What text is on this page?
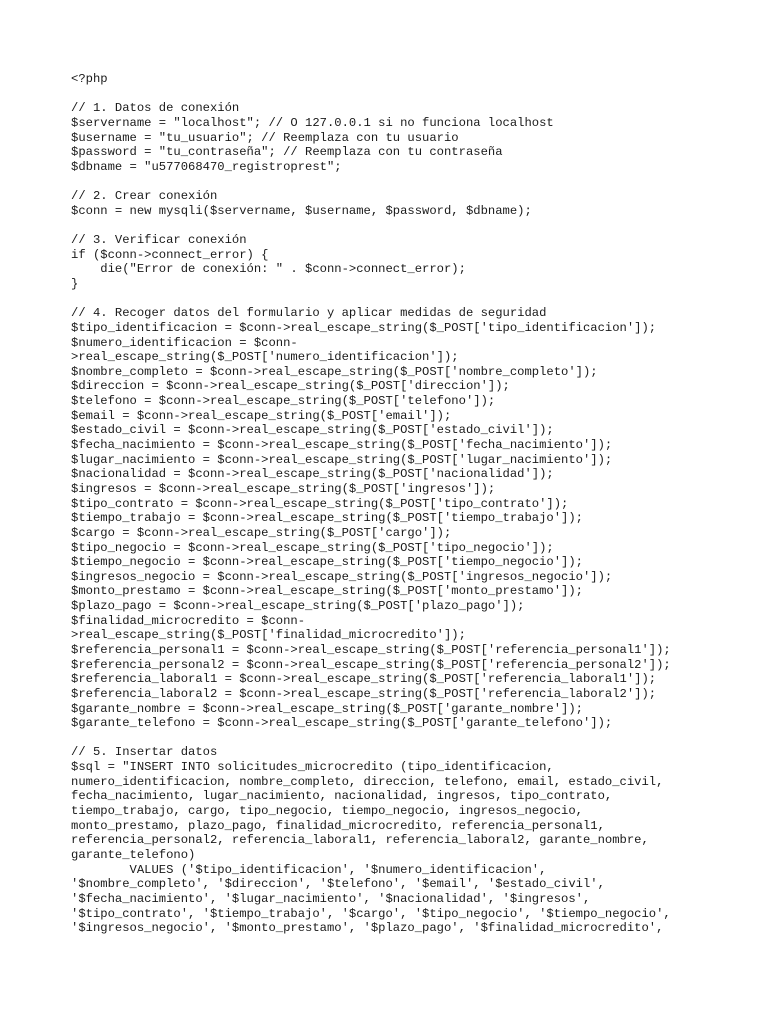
<?php
// 1. Datos de conexión
$servername = "localhost"; // O 127.0.0.1 si no funciona localhost
$username = "tu_usuario"; // Reemplaza con tu usuario
$password = "tu_contraseña"; // Reemplaza con tu contraseña
$dbname = "u577068470_registroprest";
// 2. Crear conexión
$conn = new mysqli($servername, $username, $password, $dbname);
// 3. Verificar conexión
if ($conn->connect_error) {
die("Error de conexión: " . $conn->connect_error);
}
// 4. Recoger datos del formulario y aplicar medidas de seguridad
$tipo_identificacion = $conn->real_escape_string($_POST['tipo_identificacion']);
$numero_identificacion = $conn-
>real_escape_string($_POST['numero_identificacion']);
$nombre_completo = $conn->real_escape_string($_POST['nombre_completo']);
$direccion = $conn->real_escape_string($_POST['direccion']);
$telefono = $conn->real_escape_string($_POST['telefono']);
$email = $conn->real_escape_string($_POST['email']);
$estado_civil = $conn->real_escape_string($_POST['estado_civil']);
$fecha_nacimiento = $conn->real_escape_string($_POST['fecha_nacimiento']);
$lugar_nacimiento = $conn->real_escape_string($_POST['lugar_nacimiento']);
$nacionalidad = $conn->real_escape_string($_POST['nacionalidad']);
$ingresos = $conn->real_escape_string($_POST['ingresos']);
$tipo_contrato = $conn->real_escape_string($_POST['tipo_contrato']);
$tiempo_trabajo = $conn->real_escape_string($_POST['tiempo_trabajo']);
$cargo = $conn->real_escape_string($_POST['cargo']);
$tipo_negocio = $conn->real_escape_string($_POST['tipo_negocio']);
$tiempo_negocio = $conn->real_escape_string($_POST['tiempo_negocio']);
$ingresos_negocio = $conn->real_escape_string($_POST['ingresos_negocio']);
$monto_prestamo = $conn->real_escape_string($_POST['monto_prestamo']);
$plazo_pago = $conn->real_escape_string($_POST['plazo_pago']);
$finalidad_microcredito = $conn-
>real_escape_string($_POST['finalidad_microcredito']);
$referencia_personal1 = $conn->real_escape_string($_POST['referencia_personal1']);
$referencia_personal2 = $conn->real_escape_string($_POST['referencia_personal2']);
$referencia_laboral1 = $conn->real_escape_string($_POST['referencia_laboral1']);
$referencia_laboral2 = $conn->real_escape_string($_POST['referencia_laboral2']);
$garante_nombre = $conn->real_escape_string($_POST['garante_nombre']);
$garante_telefono = $conn->real_escape_string($_POST['garante_telefono']);
// 5. Insertar datos
$sql = "INSERT INTO solicitudes_microcredito (tipo_identificacion,
numero_identificacion, nombre_completo, direccion, telefono, email, estado_civil,
fecha_nacimiento, lugar_nacimiento, nacionalidad, ingresos, tipo_contrato,
tiempo_trabajo, cargo, tipo_negocio, tiempo_negocio, ingresos_negocio,
monto_prestamo, plazo_pago, finalidad_microcredito, referencia_personal1,
referencia_personal2, referencia_laboral1, referencia_laboral2, garante_nombre,
garante_telefono)
VALUES ('$tipo_identificacion', '$numero_identificacion',
'$nombre_completo', '$direccion', '$telefono', '$email', '$estado_civil',
'$fecha_nacimiento', '$lugar_nacimiento', '$nacionalidad', '$ingresos',
'$tipo_contrato', '$tiempo_trabajo', '$cargo', '$tipo_negocio', '$tiempo_negocio',
'$ingresos_negocio', '$monto_prestamo', '$plazo_pago', '$finalidad_microcredito',
